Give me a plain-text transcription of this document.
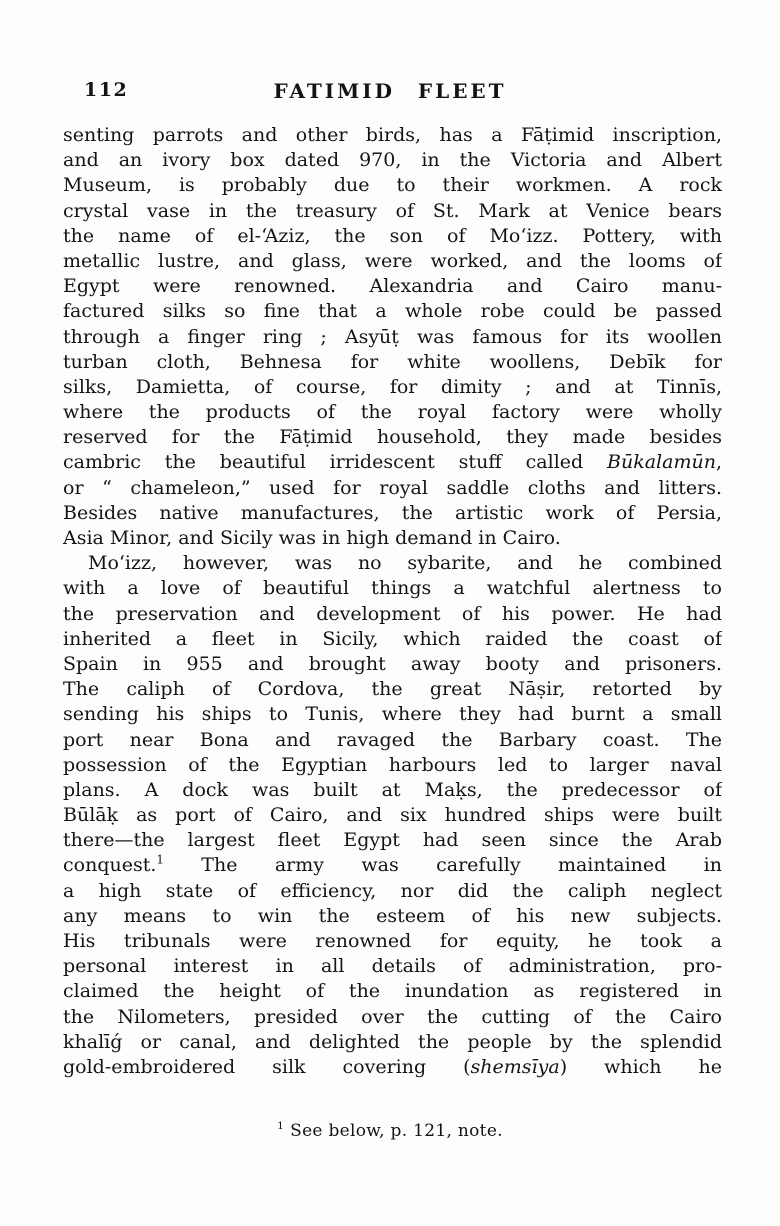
112	FATIMID FLEET
senting parrots and other birds, has a Fāṭimid inscription,
and an ivory box dated 970, in the Victoria and Albert
Museum, is probably due to their workmen. A rock
crystal vase in the treasury of St. Mark at Venice bears
the name of el-‘Aziz, the son of Mo‘izz. Pottery, with
metallic lustre, and glass, were worked, and the looms of
Egypt were renowned. Alexandria and Cairo manu-
factured silks so fine that a whole robe could be passed
through a finger ring ; Asyūṭ was famous for its woollen
turban cloth, Behnesa for white woollens, Debīk for
silks, Damietta, of course, for dimity ; and at Tinnīs,
where the products of the royal factory were wholly
reserved for the Fāṭimid household, they made besides
cambric the beautiful irridescent stuff called Būkalamūn,
or “ chameleon,” used for royal saddle cloths and litters.
Besides native manufactures, the artistic work of Persia,
Asia Minor, and Sicily was in high demand in Cairo.
Mo‘izz, however, was no sybarite, and he combined
with a love of beautiful things a watchful alertness to
the preservation and development of his power. He had
inherited a fleet in Sicily, which raided the coast of
Spain in 955 and brought away booty and prisoners.
The caliph of Cordova, the great Nāṣir, retorted by
sending his ships to Tunis, where they had burnt a small
port near Bona and ravaged the Barbary coast. The
possession of the Egyptian harbours led to larger naval
plans. A dock was built at Maḳs, the predecessor of
Būlāḳ as port of Cairo, and six hundred ships were built
there—the largest fleet Egypt had seen since the Arab
conquest.$^1$ The army was carefully maintained in
a high state of efficiency, nor did the caliph neglect
any means to win the esteem of his new subjects.
His tribunals were renowned for equity, he took a
personal interest in all details of administration, pro-
claimed the height of the inundation as registered in
the Nilometers, presided over the cutting of the Cairo
khalīǵ or canal, and delighted the people by the splendid
gold-embroidered silk covering (shemsīya) which he
$^1$ See below, p. 121, note.
